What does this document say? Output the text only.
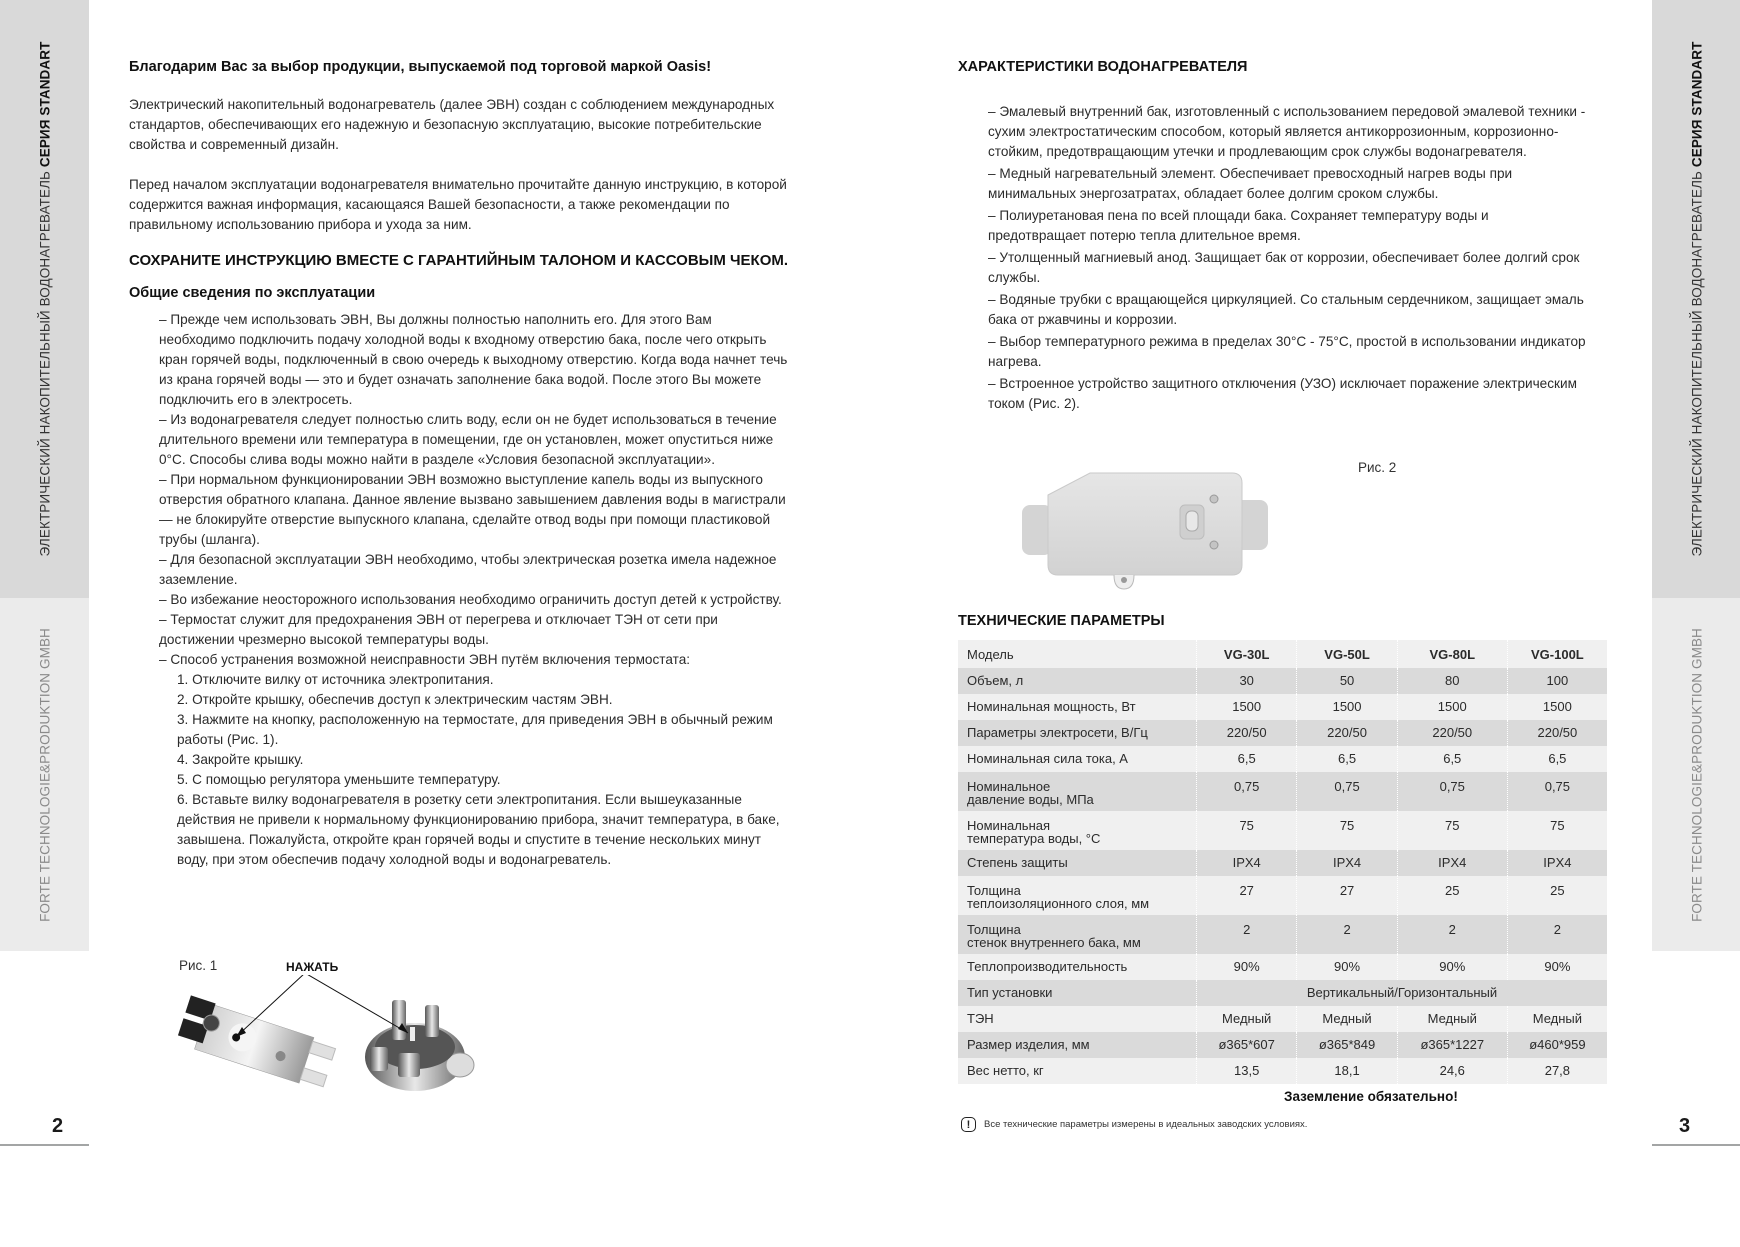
ЭЛЕКТРИЧЕСКИЙ НАКОПИТЕЛЬНЫЙ ВОДОНАГРЕВАТЕЛЬ СЕРИЯ STANDART
FORTE TECHNOLOGIE&PRODUKTION GMBH
2

Благодарим Вас за выбор продукции, выпускаемой под торговой маркой Oasis!

Электрический накопительный водонагреватель (далее ЭВН) создан с соблюдением международных стандартов, обеспечивающих его надежную и безопасную эксплуатацию, высокие потребительские свойства и современный дизайн.

Перед началом эксплуатации водонагревателя внимательно прочитайте данную инструкцию, в которой содержится важная информация, касающаяся Вашей безопасности, а также рекомендации по правильному использованию прибора и ухода за ним.

СОХРАНИТЕ ИНСТРУКЦИЮ ВМЕСТЕ С ГАРАНТИЙНЫМ ТАЛОНОМ И КАССОВЫМ ЧЕКОМ.

Общие сведения по эксплуатации

– Прежде чем использовать ЭВН, Вы должны полностью наполнить его. Для этого Вам необходимо подключить подачу холодной воды к входному отверстию бака, после чего открыть кран горячей воды, подключенный в свою очередь к выходному отверстию. Когда вода начнет течь из крана горячей воды — это и будет означать заполнение бака водой. После этого Вы можете подключить его в электросеть.

– Из водонагревателя следует полностью слить воду, если он не будет использоваться в течение длительного времени или температура в помещении, где он установлен, может опуститься ниже 0°С. Способы слива воды можно найти в разделе «Условия безопасной эксплуатации».

– При нормальном функционировании ЭВН возможно выступление капель воды из выпускного отверстия обратного клапана. Данное явление вызвано завышением давления воды в магистрали — не блокируйте отверстие выпускного клапана, сделайте отвод воды при помощи пластиковой трубы (шланга).

– Для безопасной эксплуатации ЭВН необходимо, чтобы электрическая розетка имела надежное заземление.

– Во избежание неосторожного использования необходимо ограничить доступ детей к устройству.

– Термостат служит для предохранения ЭВН от перегрева и отключает ТЭН от сети при достижении чрезмерно высокой температуры воды.

– Способ устранения возможной неисправности ЭВН путём включения термостата:

1. Отключите вилку от источника электропитания.

2. Откройте крышку, обеспечив доступ к электрическим частям ЭВН.

3. Нажмите на кнопку, расположенную на термостате, для приведения ЭВН в обычный режим работы (Рис. 1).

4. Закройте крышку.

5. С помощью регулятора уменьшите температуру.

6. Вставьте вилку водонагревателя в розетку сети электропитания. Если вышеуказанные действия не привели к нормальному функционированию прибора, значит температура, в баке, завышена. Пожалуйста, откройте кран горячей воды и спустите в течение нескольких минут воду, при этом обеспечив подачу холодной воды и водонагреватель.

Рис. 1	НАЖАТЬ
ЭЛЕКТРИЧЕСКИЙ НАКОПИТЕЛЬНЫЙ ВОДОНАГРЕВАТЕЛЬ СЕРИЯ STANDART
FORTE TECHNOLOGIE&PRODUKTION GMBH
3

ХАРАКТЕРИСТИКИ ВОДОНАГРЕВАТЕЛЯ

– Эмалевый внутренний бак, изготовленный с использованием передовой эмалевой техники - сухим электростатическим способом, который является антикоррозионным, коррозионно-стойким, предотвращающим утечки и продлевающим срок службы водонагревателя.

– Медный нагревательный элемент. Обеспечивает превосходный нагрев воды при минимальных энергозатратах, обладает более долгим сроком службы.

– Полиуретановая пена по всей площади бака. Сохраняет температуру воды и предотвращает потерю тепла длительное время.

– Утолщенный магниевый анод. Защищает бак от коррозии, обеспечивает более долгий срок службы.

– Водяные трубки с вращающейся циркуляцией. Со стальным сердечником, защищает эмаль бака от ржавчины и коррозии.

– Выбор температурного режима в пределах 30°С - 75°С, простой в использовании индикатор нагрева.

– Встроенное устройство защитного отключения (УЗО) исключает поражение электрическим током (Рис. 2).

Рис. 2
ТЕХНИЧЕСКИЕ ПАРАМЕТРЫ
Модель	VG-30L	VG-50L	VG-80L	VG-100L
Объем, л	30	50	80	100
Номинальная мощность, Вт	1500	1500	1500	1500
Параметры электросети, В/Гц	220/50	220/50	220/50	220/50
Номинальная сила тока, А	6,5	6,5	6,5	6,5
Номинальное
давление воды, МПа	0,75	0,75	0,75	0,75
Номинальная
температура воды, °С	75	75	75	75
Степень защиты	IPX4	IPX4	IPX4	IPX4
Толщина
теплоизоляционного слоя, мм	27	27	25	25
Толщина
стенок внутреннего бака, мм	2	2	2	2
Теплопроизводительность	90%	90%	90%	90%
Тип установки	Вертикальный/Горизонтальный			
ТЭН	Медный	Медный	Медный	Медный
Размер изделия, мм	ø365*607	ø365*849	ø365*1227	ø460*959
Вес нетто, кг	13,5	18,1	24,6	27,8
Заземление обязательно!
!	Все технические параметры измерены в идеальных заводских условиях.
